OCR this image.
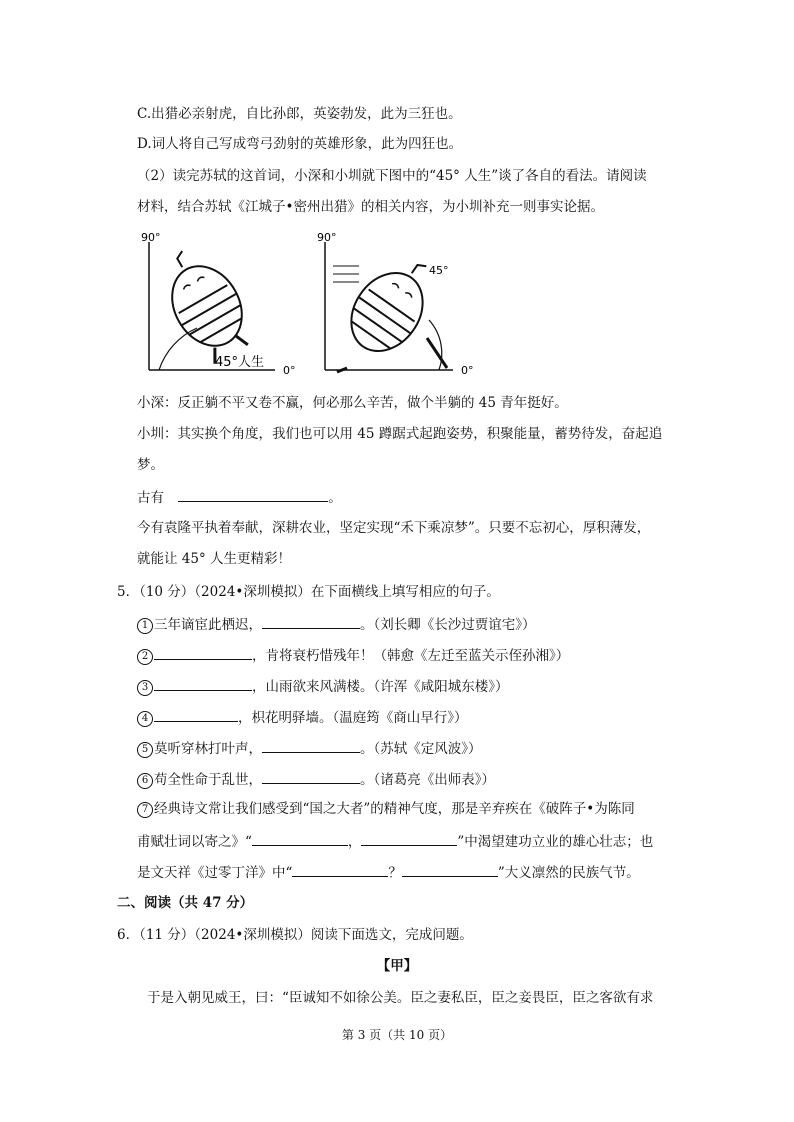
C.出猎必亲射虎，自比孙郎，英姿勃发，此为三狂也。
D.词人将自己写成弯弓劲射的英雄形象，此为四狂也。
（2）读完苏轼的这首词，小深和小圳就下图中的“45° 人生”谈了各自的看法。请阅读
材料，结合苏轼《江城子•密州出猎》的相关内容，为小圳补充一则事实论据。
90°
0°
45°人生
90°
0°
45°
小深：反正躺不平又卷不赢，何必那么辛苦，做个半躺的 45 青年挺好。
小圳：其实换个角度，我们也可以用 45 蹲踞式起跑姿势，积聚能量，蓄势待发，奋起追
梦。
古有	。
今有袁隆平执着奉献，深耕农业，坚定实现“禾下乘凉梦”。只要不忘初心，厚积薄发，
就能让 45° 人生更精彩！
5．（10 分）（2024•深圳模拟）在下面横线上填写相应的句子。
1 三年谪宦此栖迟，	。（刘长卿《长沙过贾谊宅》）
2	，肯将衰朽惜残年！（韩愈《左迁至蓝关示侄孙湘》）
3	，山雨欲来风满楼。（许浑《咸阳城东楼》）
4	，枳花明驿墙。（温庭筠《商山早行》）
5 莫听穿林打叶声，	。（苏轼《定风波》）
6 苟全性命于乱世，	。（诸葛亮《出师表》）
7 经典诗文常让我们感受到“国之大者”的精神气度，那是辛弃疾在《破阵子•为陈同
甫赋壮词以寄之》“	，	”中渴望建功立业的雄心壮志；也
是文天祥《过零丁洋》中“	？	”大义凛然的民族气节。
二、阅读（共 47 分）
6．（11 分）（2024•深圳模拟）阅读下面选文，完成问题。
【甲】
于是入朝见威王，曰：“臣诚知不如徐公美。臣之妻私臣，臣之妾畏臣，臣之客欲有求
第 3 页（共 10 页）
